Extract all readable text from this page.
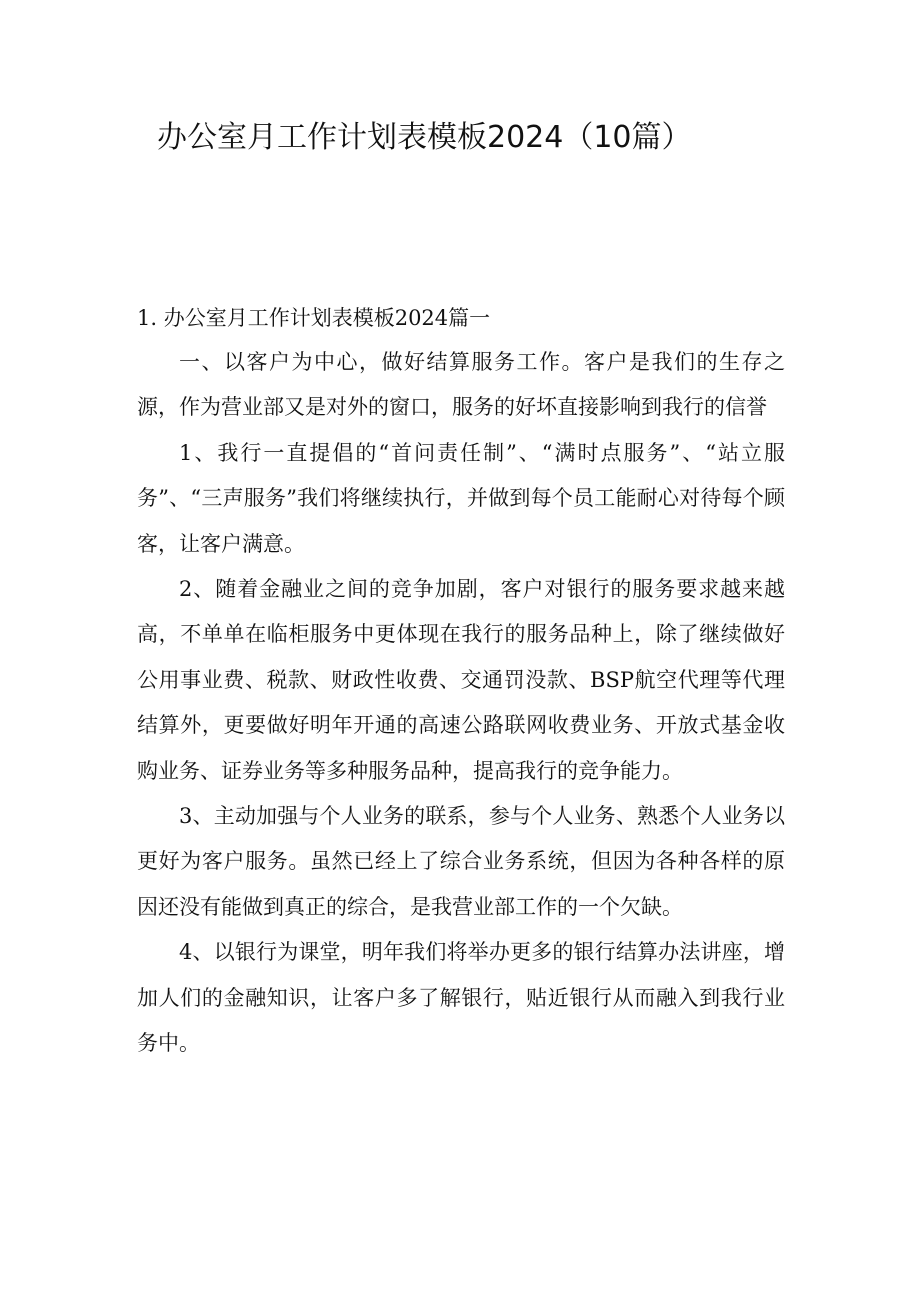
办公室月工作计划表模板2024（10篇）
1. 办公室月工作计划表模板2024篇一

一、以客户为中心，做好结算服务工作。客户是我们的生存之源，作为营业部又是对外的窗口，服务的好坏直接影响到我行的信誉

1、我行一直提倡的“首问责任制”、“满时点服务”、“站立服务”、“三声服务”我们将继续执行，并做到每个员工能耐心对待每个顾客，让客户满意。

2、随着金融业之间的竞争加剧，客户对银行的服务要求越来越高，不单单在临柜服务中更体现在我行的服务品种上，除了继续做好公用事业费、税款、财政性收费、交通罚没款、BSP航空代理等代理结算外，更要做好明年开通的高速公路联网收费业务、开放式基金收购业务、证券业务等多种服务品种，提高我行的竞争能力。

3、主动加强与个人业务的联系，参与个人业务、熟悉个人业务以更好为客户服务。虽然已经上了综合业务系统，但因为各种各样的原因还没有能做到真正的综合，是我营业部工作的一个欠缺。

4、以银行为课堂，明年我们将举办更多的银行结算办法讲座，增加人们的金融知识，让客户多了解银行，贴近银行从而融入到我行业务中。
